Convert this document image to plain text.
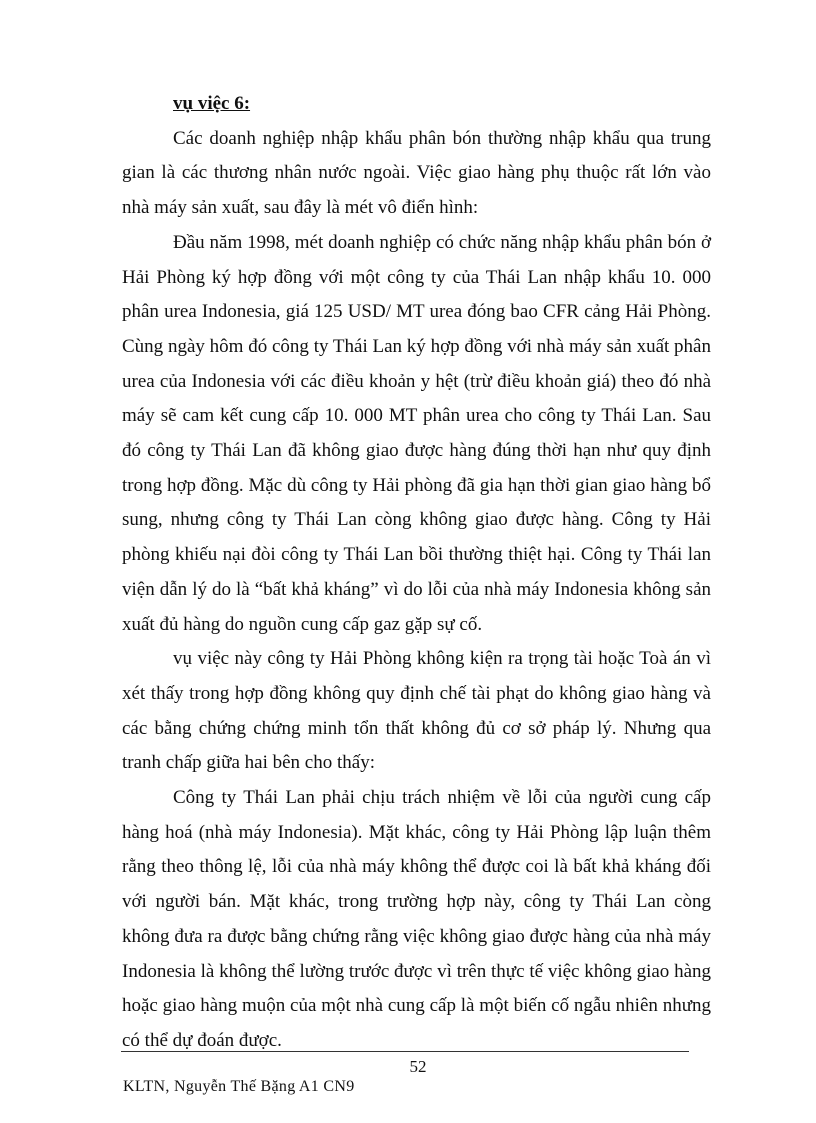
vụ việc 6:

Các doanh nghiệp nhập khẩu phân bón thường nhập khẩu qua trung gian là các thương nhân nước ngoài. Việc giao hàng phụ thuộc rất lớn vào nhà máy sản xuất, sau đây là mét vô điển hình:

Đầu năm 1998, mét doanh nghiệp có chức năng nhập khẩu phân bón ở Hải Phòng ký hợp đồng với một công ty của Thái Lan nhập khẩu 10. 000 phân urea Indonesia, giá 125 USD/ MT urea đóng bao CFR cảng Hải Phòng. Cùng ngày hôm đó công ty Thái Lan ký hợp đồng với nhà máy sản xuất phân urea của Indonesia với các điều khoản y hệt (trừ điều khoản giá) theo đó nhà máy sẽ cam kết cung cấp 10. 000 MT phân urea cho công ty Thái Lan. Sau đó công ty Thái Lan đã không giao được hàng đúng thời hạn như quy định trong hợp đồng. Mặc dù công ty Hải phòng đã gia hạn thời gian giao hàng bổ sung, nhưng công ty Thái Lan còng không giao được hàng. Công ty Hải phòng khiếu nại đòi công ty Thái Lan bồi thường thiệt hại. Công ty Thái lan viện dẫn lý do là “bất khả kháng” vì do lỗi của nhà máy Indonesia không sản xuất đủ hàng do nguồn cung cấp gaz gặp sự cố.

vụ việc này công ty Hải Phòng không kiện ra trọng tài hoặc Toà án vì xét thấy trong hợp đồng không quy định chế tài phạt do không giao hàng và các bằng chứng chứng minh tổn thất không đủ cơ sở pháp lý. Nhưng qua tranh chấp giữa hai bên cho thấy:

Công ty Thái Lan phải chịu trách nhiệm về lỗi của người cung cấp hàng hoá (nhà máy Indonesia). Mặt khác, công ty Hải Phòng lập luận thêm rằng theo thông lệ, lỗi của nhà máy không thể được coi là bất khả kháng đối với người bán. Mặt khác, trong trường hợp này, công ty Thái Lan còng không đưa ra được bằng chứng rằng việc không giao được hàng của nhà máy Indonesia là không thể lường trước được vì trên thực tế việc không giao hàng hoặc giao hàng muộn của một nhà cung cấp là một biến cố ngẫu nhiên nhưng có thể dự đoán được.

52
KLTN, Nguyễn Thế Bặng A1 CN9
